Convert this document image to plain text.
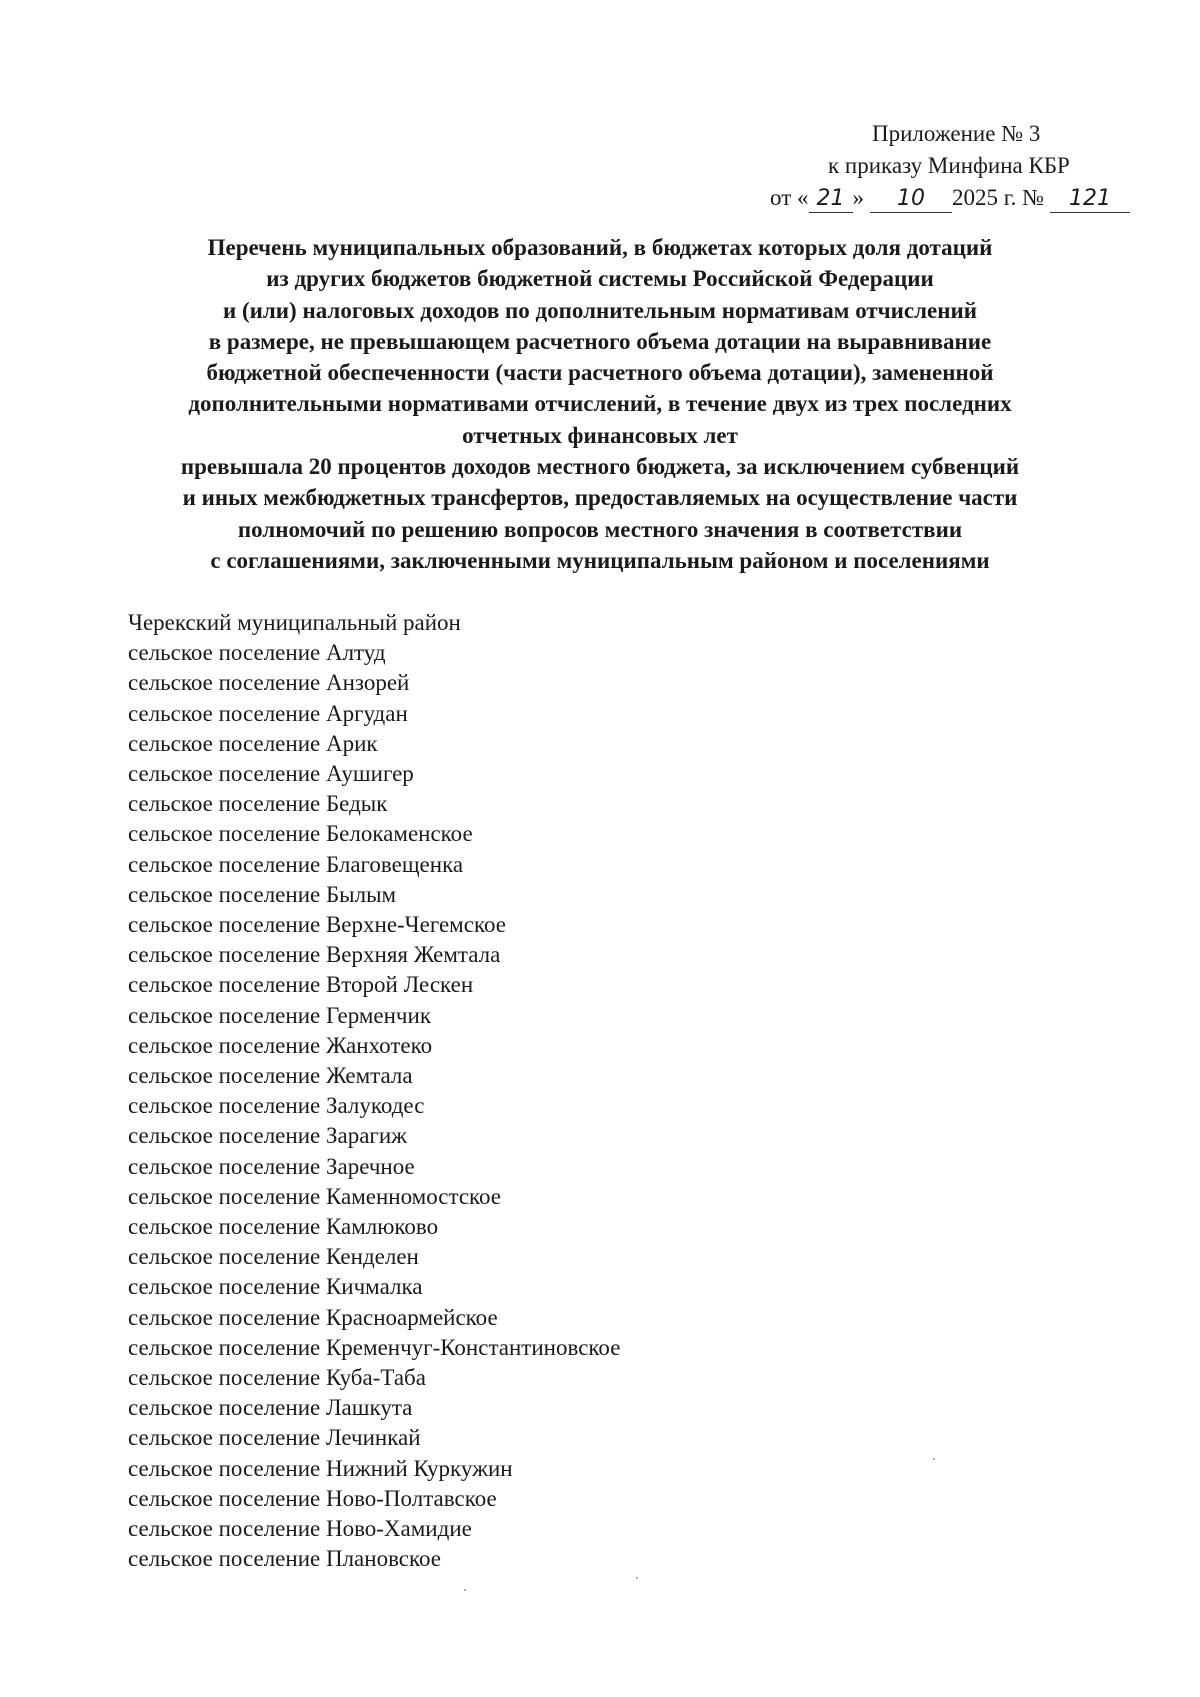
Приложение № 3
к приказу Минфина КБР
от « 21 » 10 2025 г. № 121
Перечень муниципальных образований, в бюджетах которых доля дотаций
из других бюджетов бюджетной системы Российской Федерации
и (или) налоговых доходов по дополнительным нормативам отчислений
в размере, не превышающем расчетного объема дотации на выравнивание
бюджетной обеспеченности (части расчетного объема дотации), замененной
дополнительными нормативами отчислений, в течение двух из трех последних
отчетных финансовых лет
превышала 20 процентов доходов местного бюджета, за исключением субвенций
и иных межбюджетных трансфертов, предоставляемых на осуществление части
полномочий по решению вопросов местного значения в соответствии
с соглашениями, заключенными муниципальным районом и поселениями
Черекский муниципальный район
сельское поселение Алтуд
сельское поселение Анзорей
сельское поселение Аргудан
сельское поселение Арик
сельское поселение Аушигер
сельское поселение Бедык
сельское поселение Белокаменское
сельское поселение Благовещенка
сельское поселение Былым
сельское поселение Верхне-Чегемское
сельское поселение Верхняя Жемтала
сельское поселение Второй Лескен
сельское поселение Герменчик
сельское поселение Жанхотеко
сельское поселение Жемтала
сельское поселение Залукодес
сельское поселение Зарагиж
сельское поселение Заречное
сельское поселение Каменномостское
сельское поселение Камлюково
сельское поселение Кенделен
сельское поселение Кичмалка
сельское поселение Красноармейское
сельское поселение Кременчуг-Константиновское
сельское поселение Куба-Таба
сельское поселение Лашкута
сельское поселение Лечинкай
сельское поселение Нижний Куркужин
сельское поселение Ново-Полтавское
сельское поселение Ново-Хамидие
сельское поселение Плановское
